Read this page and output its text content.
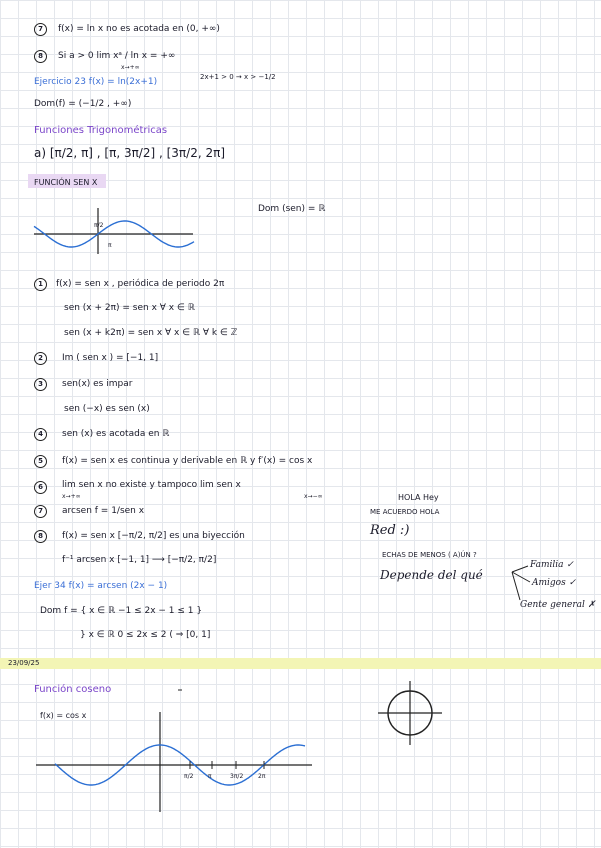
7	f(x) = ln x no es acotada en (0, +∞)
8	Si a > 0 lim xᵃ / ln x = +∞
x→+∞
Ejercicio 23 f(x) = ln(2x+1)	2x+1 > 0 → x > −1/2
Dom(f) = (−1/2 , +∞)
Funciones Trigonométricas
a) [π/2, π] , [π, 3π/2] , [3π/2, 2π]
FUNCIÓN SEN X
Dom (sen) = ℝ
π/2
π
1	f(x) = sen x , periódica de periodo 2π
sen (x + 2π) = sen x ∀ x ∈ ℝ
sen (x + k2π) = sen x ∀ x ∈ ℝ ∀ k ∈ ℤ
2	Im ( sen x ) = [−1, 1]
3	sen(x) es impar
sen (−x) es sen (x)
4	sen (x) es acotada en ℝ
5	f(x) = sen x es continua y derivable en ℝ y f′(x) = cos x
6	lim sen x no existe y tampoco lim sen x
x→+∞	x→−∞
7	arcsen f = 1/sen x
8	f(x) = sen x [−π/2, π/2] es una biyección
f⁻¹ arcsen x [−1, 1] ⟶ [−π/2, π/2]
HOLA Hey
ME ACUERDO HOLA
Red :)
ECHAS DE MENOS ( A)ÚN ?
Depende del qué
Familia ✓
Amigos ✓
Gente general ✗
Ejer 34 f(x) = arcsen (2x − 1)
Dom f = { x ∈ ℝ −1 ≤ 2x − 1 ≤ 1 }
} x ∈ ℝ 0 ≤ 2x ≤ 2 ( ⇒ [0, 1]
23/09/25
Función coseno
f(x) = cos x
π/2 π	3π/2 2π
